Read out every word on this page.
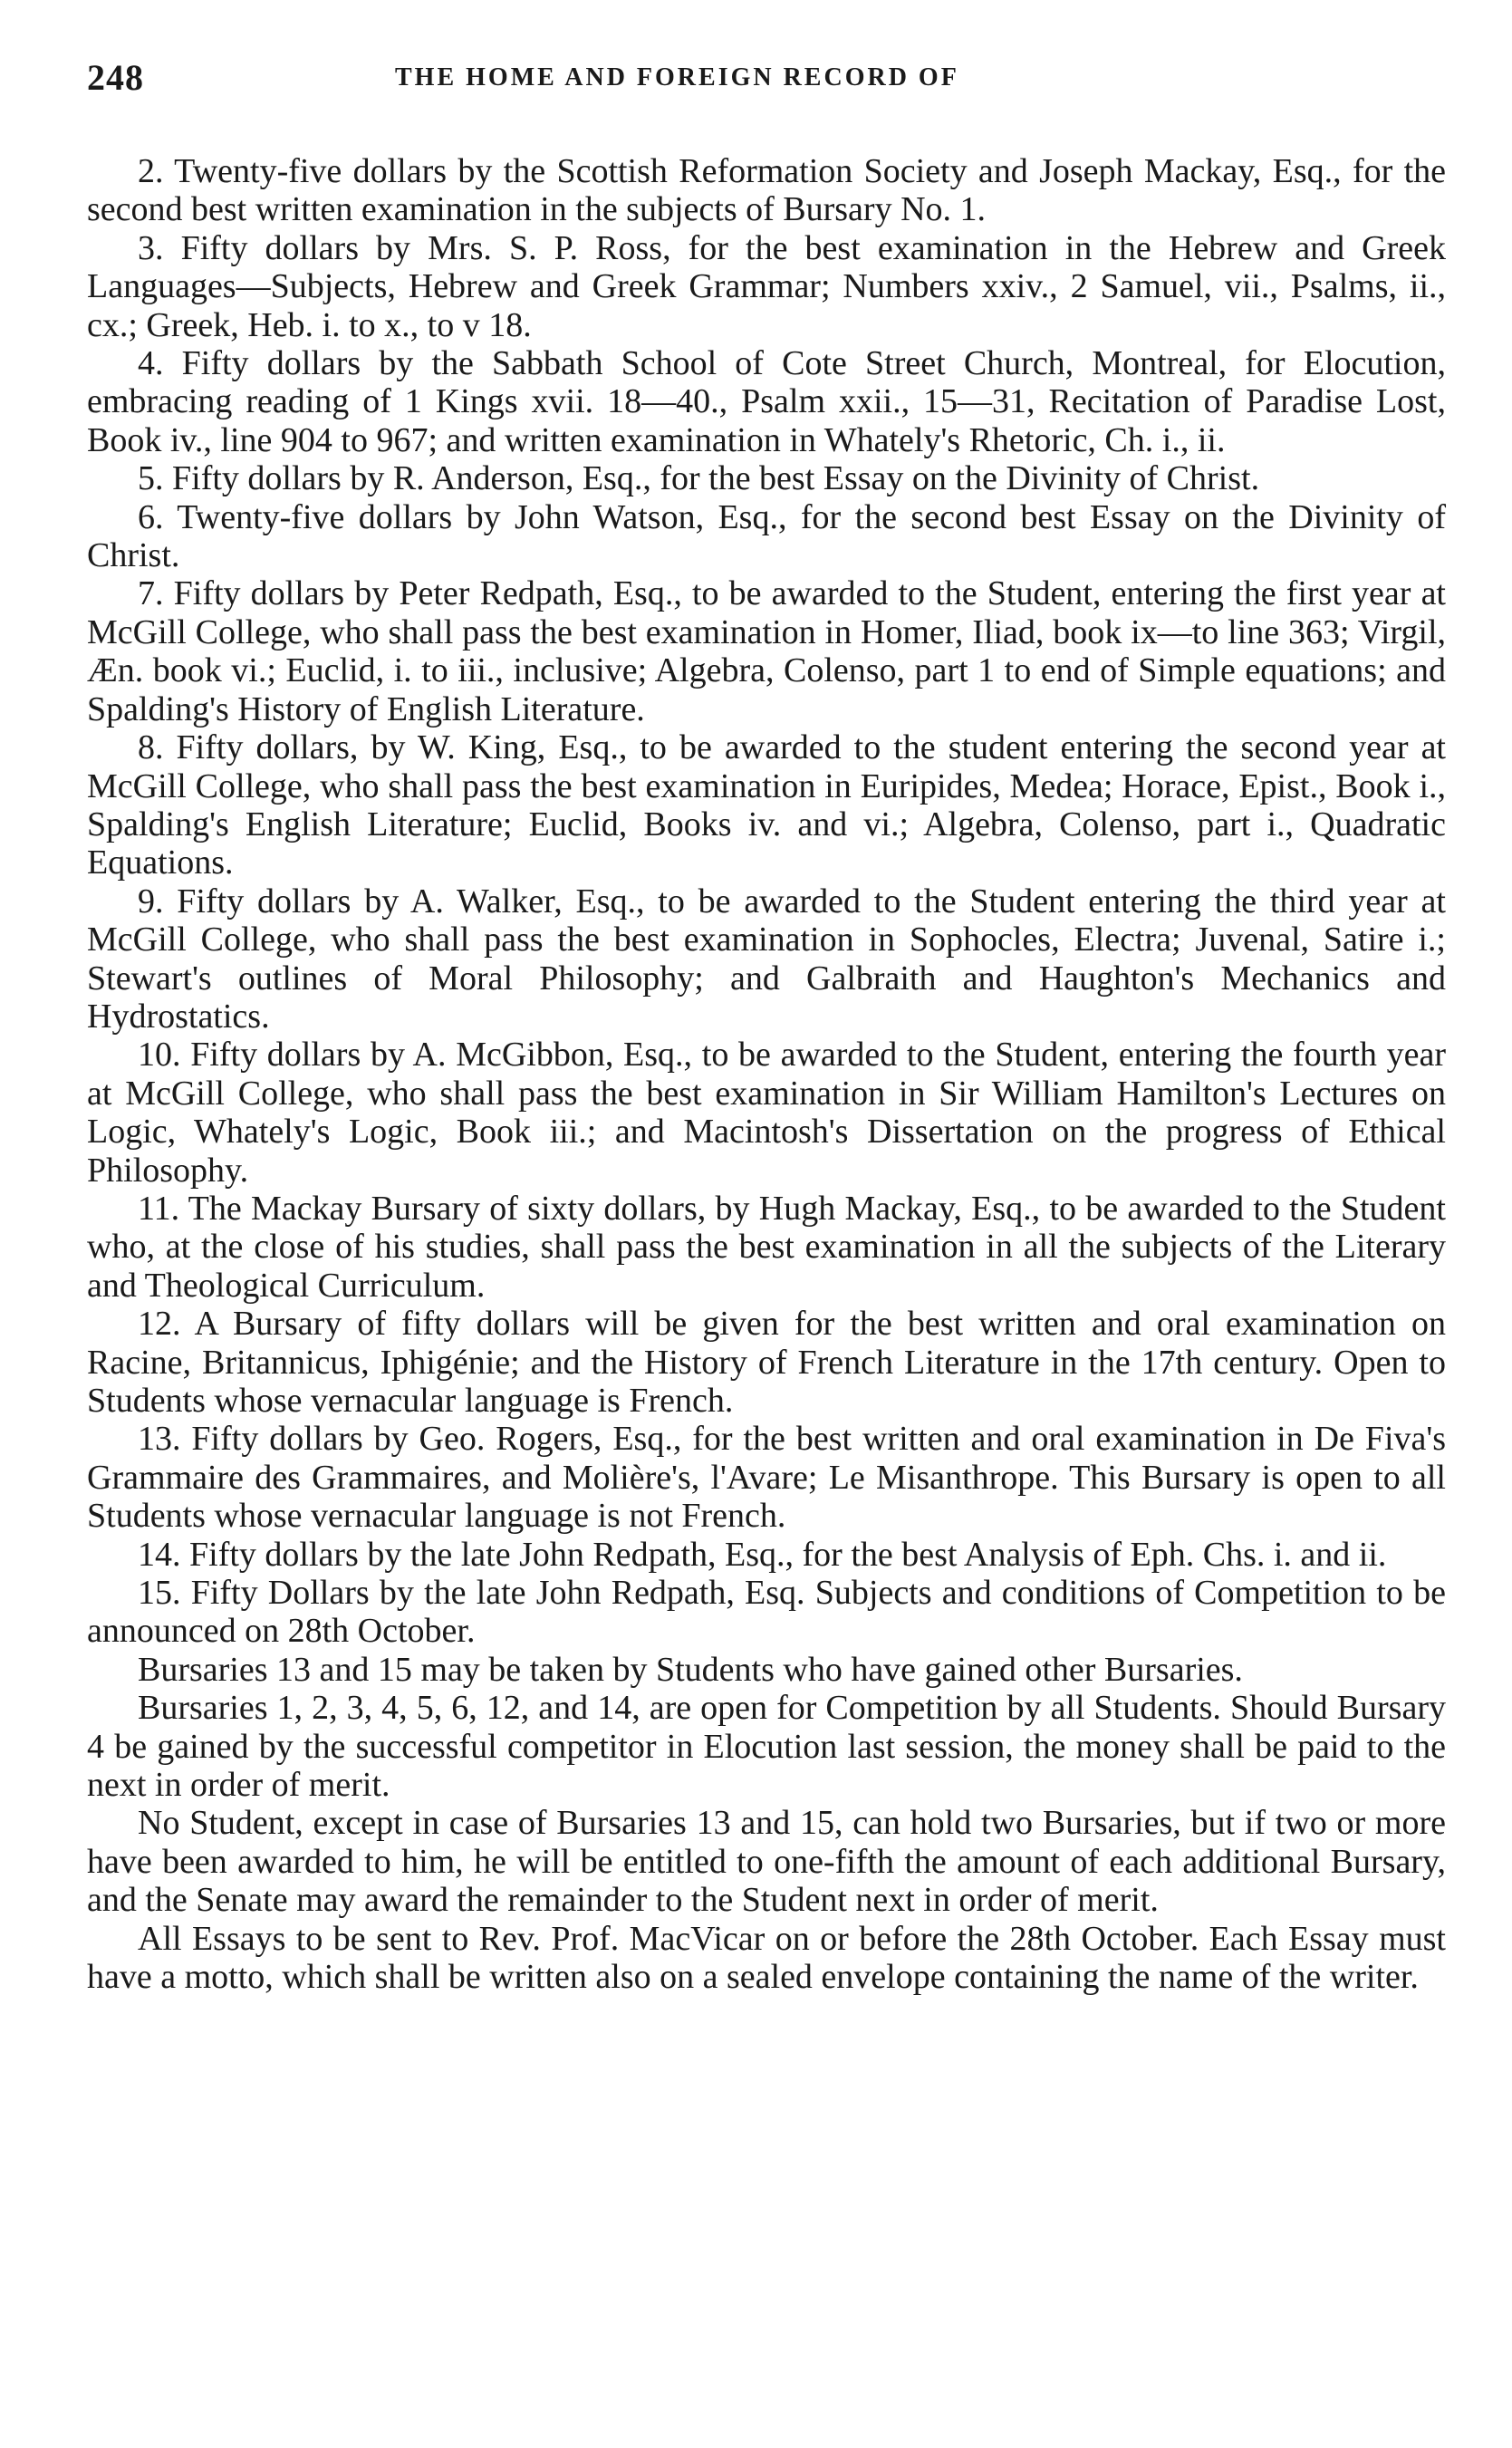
248	THE HOME AND FOREIGN RECORD OF

2. Twenty-five dollars by the Scottish Reformation Society and Joseph Mackay, Esq., for the second best written examination in the subjects of Bursary No. 1.

3. Fifty dollars by Mrs. S. P. Ross, for the best examination in the Hebrew and Greek Languages—Subjects, Hebrew and Greek Grammar; Numbers xxiv., 2 Samuel, vii., Psalms, ii., cx.; Greek, Heb. i. to x., to v 18.

4. Fifty dollars by the Sabbath School of Cote Street Church, Montreal, for Elocution, embracing reading of 1 Kings xvii. 18—40., Psalm xxii., 15—31, Recitation of Paradise Lost, Book iv., line 904 to 967; and written examination in Whately's Rhetoric, Ch. i., ii.

5. Fifty dollars by R. Anderson, Esq., for the best Essay on the Divinity of Christ.

6. Twenty-five dollars by John Watson, Esq., for the second best Essay on the Divinity of Christ.

7. Fifty dollars by Peter Redpath, Esq., to be awarded to the Student, entering the first year at McGill College, who shall pass the best examination in Homer, Iliad, book ix—to line 363; Virgil, Æn. book vi.; Euclid, i. to iii., inclusive; Algebra, Colenso, part 1 to end of Simple equations; and Spalding's History of English Literature.

8. Fifty dollars, by W. King, Esq., to be awarded to the student entering the second year at McGill College, who shall pass the best examination in Euripides, Medea; Horace, Epist., Book i., Spalding's English Literature; Euclid, Books iv. and vi.; Algebra, Colenso, part i., Quadratic Equations.

9. Fifty dollars by A. Walker, Esq., to be awarded to the Student entering the third year at McGill College, who shall pass the best examination in Sophocles, Electra; Juvenal, Satire i.; Stewart's outlines of Moral Philosophy; and Galbraith and Haughton's Mechanics and Hydrostatics.

10. Fifty dollars by A. McGibbon, Esq., to be awarded to the Student, entering the fourth year at McGill College, who shall pass the best examination in Sir William Hamilton's Lectures on Logic, Whately's Logic, Book iii.; and Macintosh's Dissertation on the progress of Ethical Philosophy.

11. The Mackay Bursary of sixty dollars, by Hugh Mackay, Esq., to be awarded to the Student who, at the close of his studies, shall pass the best examination in all the subjects of the Literary and Theological Curriculum.

12. A Bursary of fifty dollars will be given for the best written and oral examination on Racine, Britannicus, Iphigénie; and the History of French Literature in the 17th century. Open to Students whose vernacular language is French.

13. Fifty dollars by Geo. Rogers, Esq., for the best written and oral examination in De Fiva's Grammaire des Grammaires, and Molière's, l'Avare; Le Misanthrope. This Bursary is open to all Students whose vernacular language is not French.

14. Fifty dollars by the late John Redpath, Esq., for the best Analysis of Eph. Chs. i. and ii.

15. Fifty Dollars by the late John Redpath, Esq. Subjects and conditions of Competition to be announced on 28th October.

Bursaries 13 and 15 may be taken by Students who have gained other Bursaries.

Bursaries 1, 2, 3, 4, 5, 6, 12, and 14, are open for Competition by all Students. Should Bursary 4 be gained by the successful competitor in Elocution last session, the money shall be paid to the next in order of merit.

No Student, except in case of Bursaries 13 and 15, can hold two Bursaries, but if two or more have been awarded to him, he will be entitled to one-fifth the amount of each additional Bursary, and the Senate may award the remainder to the Student next in order of merit.

All Essays to be sent to Rev. Prof. MacVicar on or before the 28th October. Each Essay must have a motto, which shall be written also on a sealed envelope containing the name of the writer.
